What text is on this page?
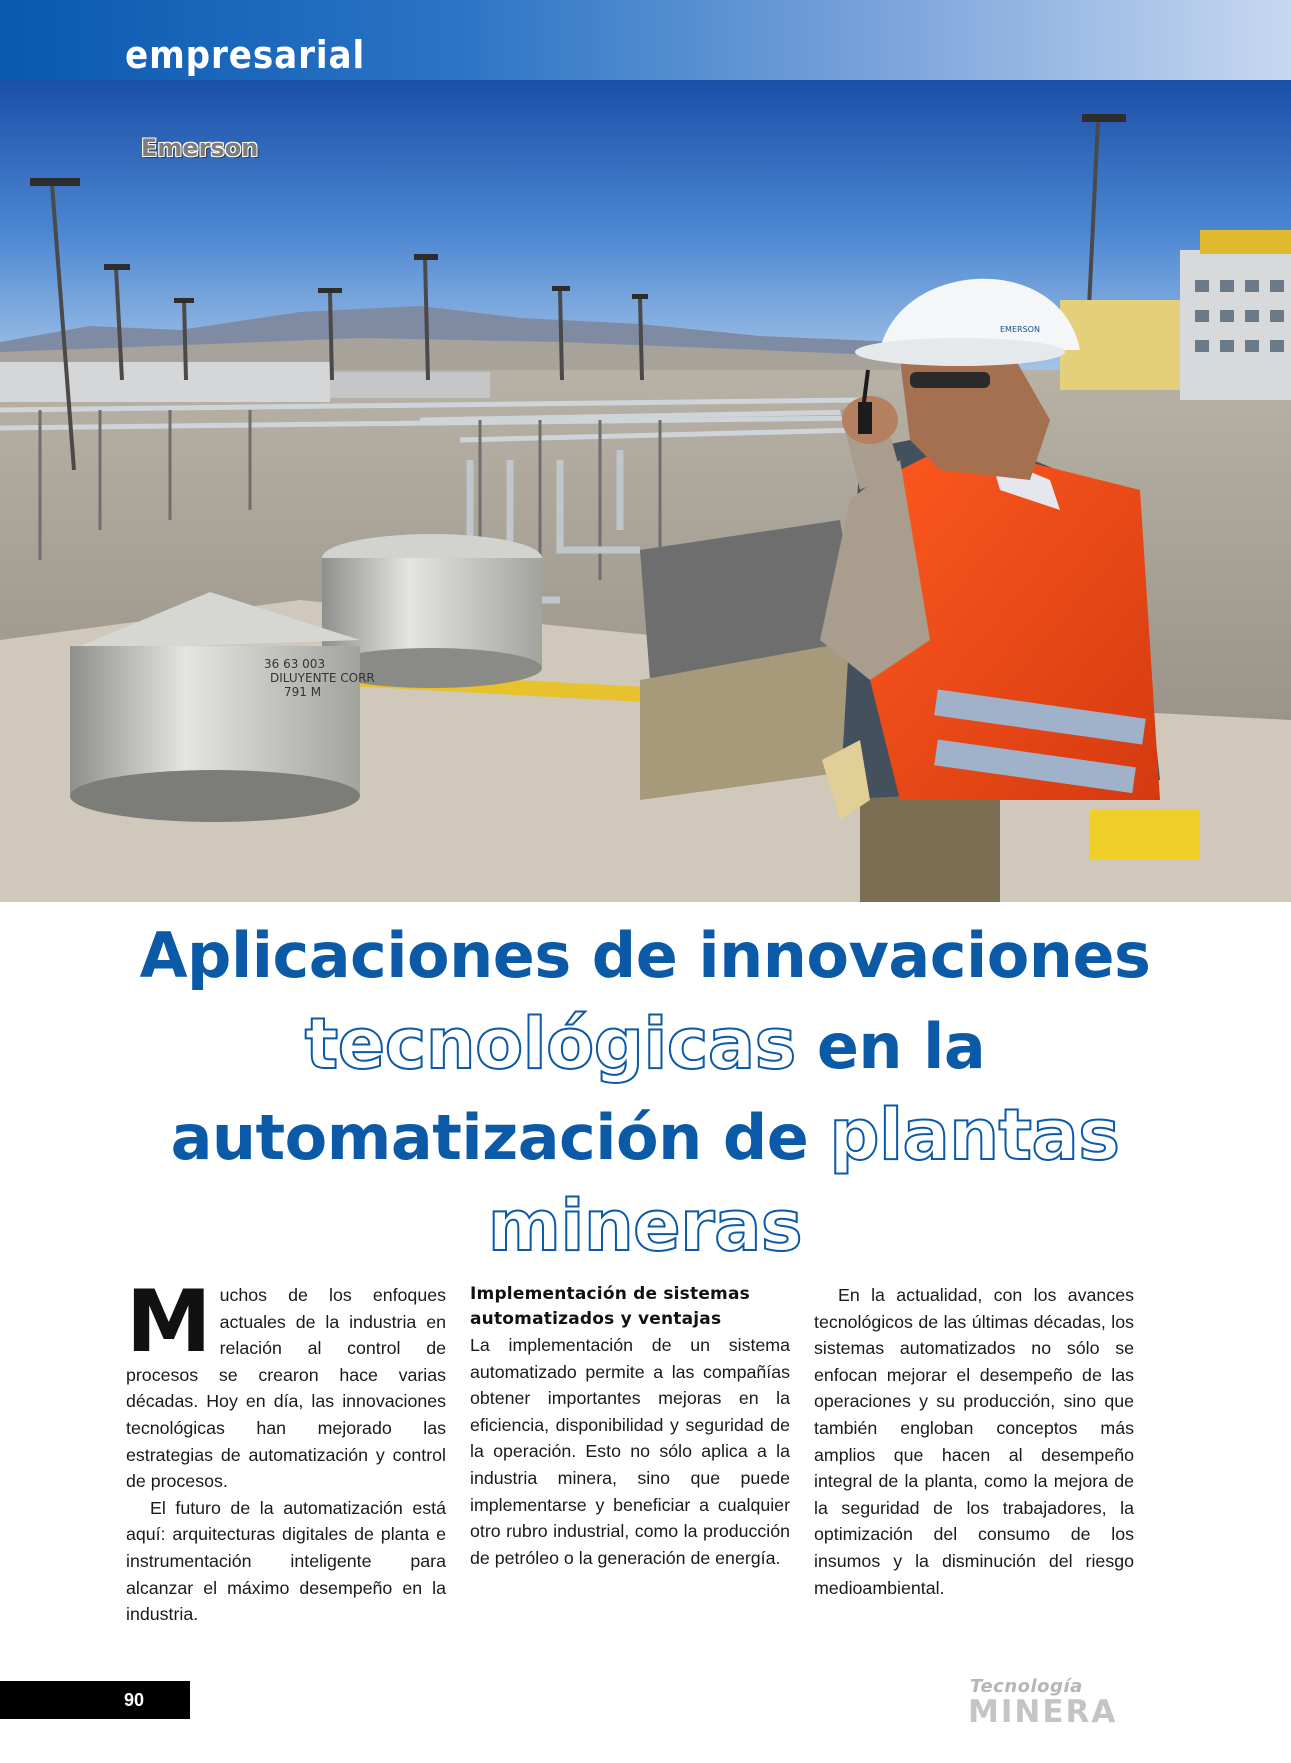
empresarial
36 63 003
DILUYENTE CORR
791 M
EMERSON
Emerson
Aplicaciones de innovaciones
tecnológicas en la
automatización de plantas
mineras

Muchos de los enfoques actuales de la industria en relación al control de procesos se crearon hace varias décadas. Hoy en día, las innovaciones tecnológicas han mejorado las estrategias de automatización y control de procesos.

El futuro de la automatización está aquí: arquitecturas digitales de planta e instrumentación inteligente para alcanzar el máximo desempeño en la industria.

Implementación de sistemas automatizados y ventajas

La implementación de un sistema automatizado permite a las compañías obtener importantes mejoras en la eficiencia, disponibilidad y seguridad de la operación. Esto no sólo aplica a la industria minera, sino que puede implementarse y beneficiar a cualquier otro rubro industrial, como la producción de petróleo o la generación de energía.

En la actualidad, con los avances tecnológicos de las últimas décadas, los sistemas automatizados no sólo se enfocan mejorar el desempeño de las operaciones y su producción, sino que también engloban conceptos más amplios que hacen al desempeño integral de la planta, como la mejora de la seguridad de los trabajadores, la optimización del consumo de los insumos y la disminución del riesgo medioambiental.

90
Tecnología
MINERA
